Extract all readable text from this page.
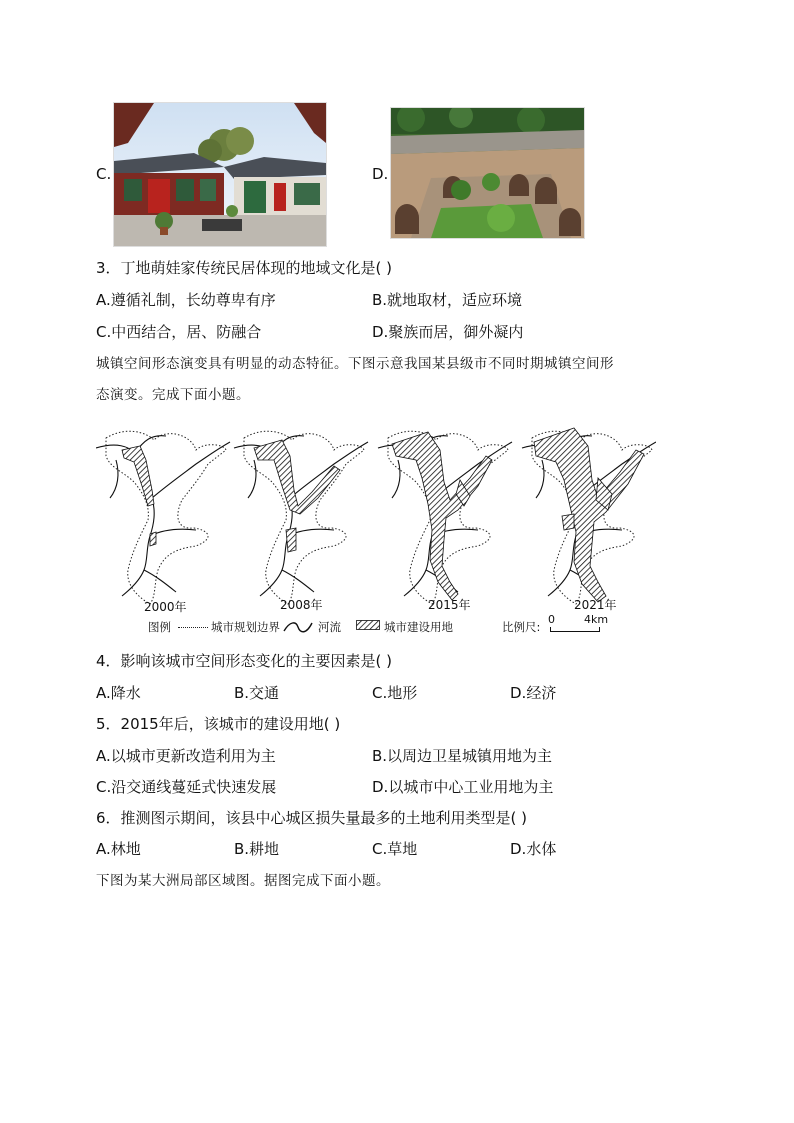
C.	D.
3．丁地萌娃家传统民居体现的地域文化是( )
A.遵循礼制，长幼尊卑有序	B.就地取材，适应环境
C.中西结合，居、防融合	D.聚族而居，御外凝内
城镇空间形态演变具有明显的动态特征。下图示意我国某县级市不同时期城镇空间形
态演变。完成下面小题。
2000年	2008年	2015年	2021年
图例	城市规划边界	河流	城市建设用地	比例尺:
0	4km
4．影响该城市空间形态变化的主要因素是( )
A.降水	B.交通	C.地形	D.经济
5．2015年后，该城市的建设用地( )
A.以城市更新改造利用为主	B.以周边卫星城镇用地为主
C.沿交通线蔓延式快速发展	D.以城市中心工业用地为主
6．推测图示期间，该县中心城区损失量最多的土地利用类型是( )
A.林地	B.耕地	C.草地	D.水体
下图为某大洲局部区域图。据图完成下面小题。
